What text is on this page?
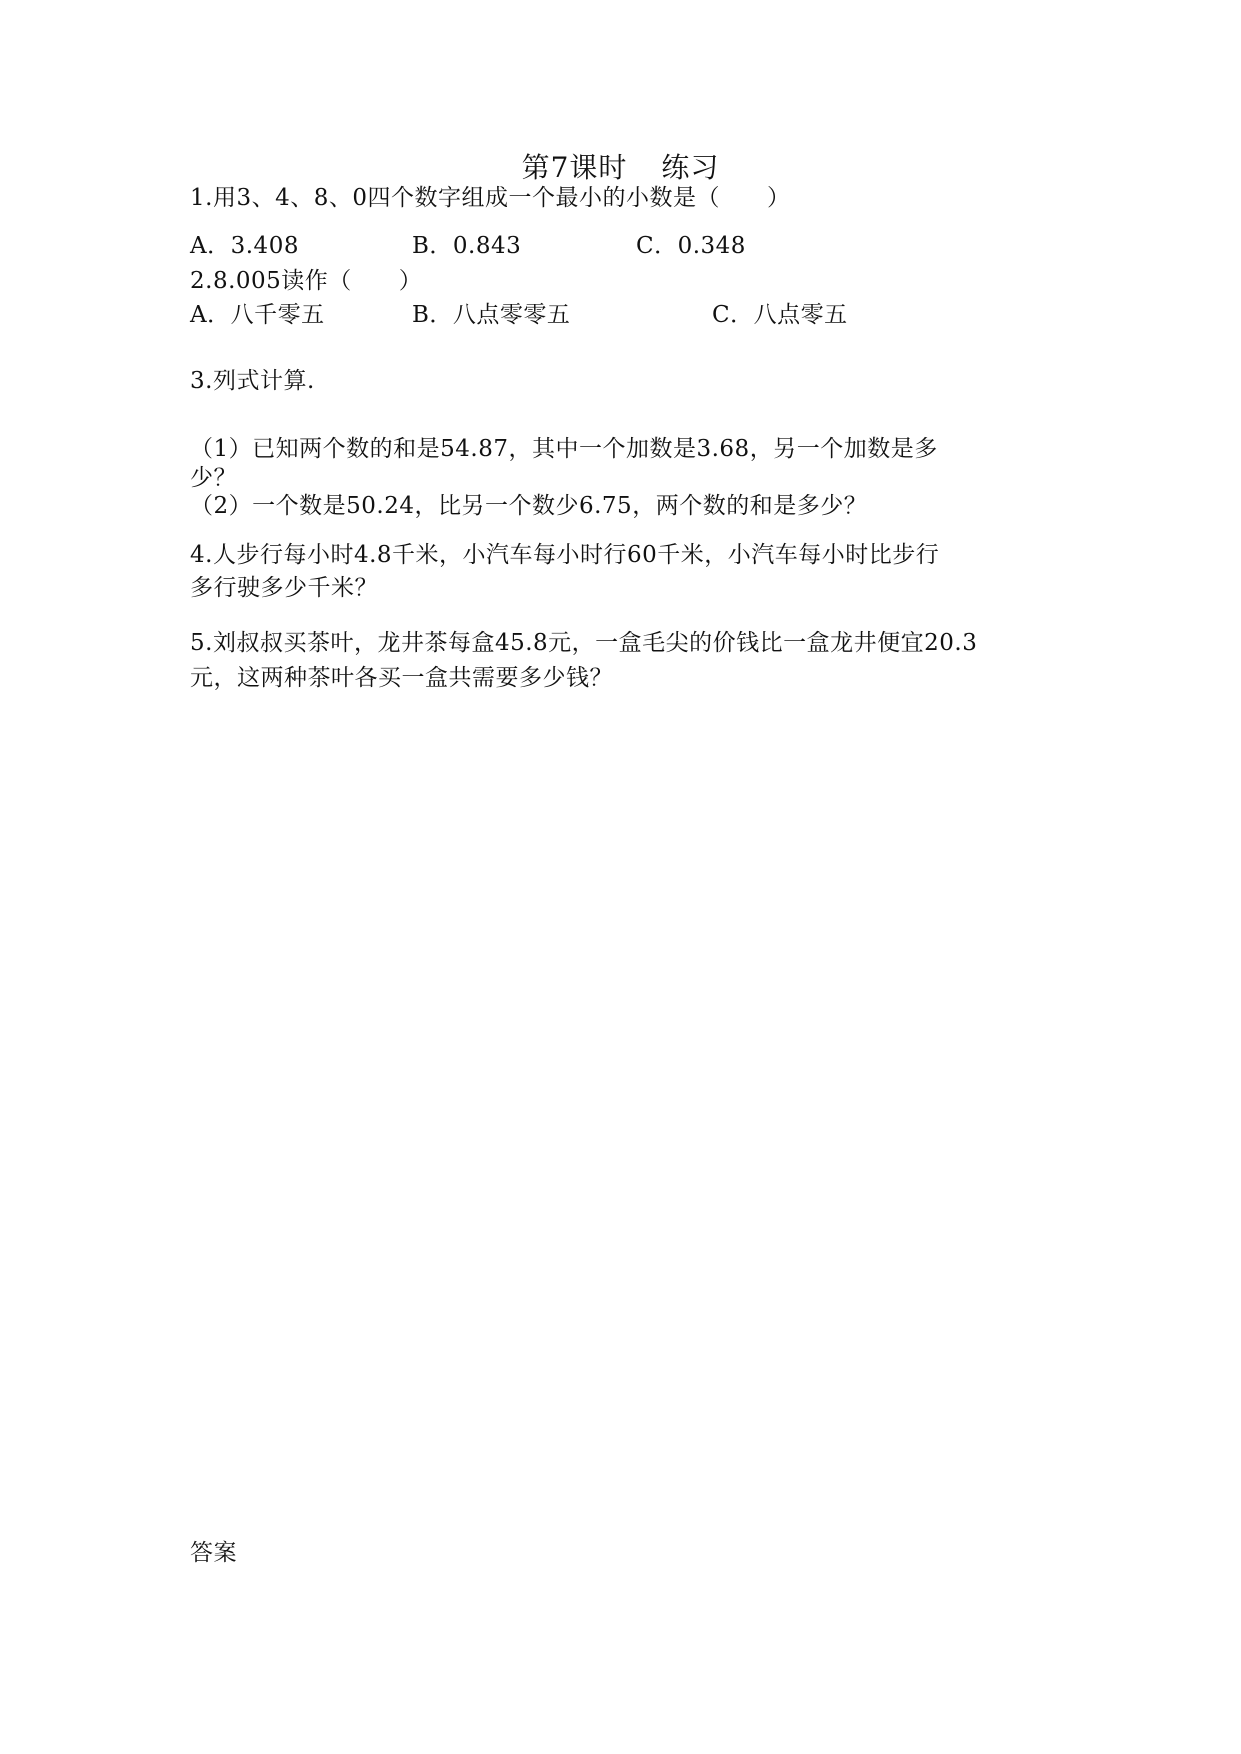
第7课时 练习
1.用3、4、8、0四个数字组成一个最小的小数是（　　）
A．3.408	B．0.843	C．0.348
2.8.005读作（　　）
A．八千零五	B．八点零零五	C．八点零五
3.列式计算.
（1）已知两个数的和是54.87，其中一个加数是3.68，另一个加数是多
少？
（2）一个数是50.24，比另一个数少6.75，两个数的和是多少？
4.人步行每小时4.8千米，小汽车每小时行60千米，小汽车每小时比步行
多行驶多少千米？
5.刘叔叔买茶叶，龙井茶每盒45.8元，一盒毛尖的价钱比一盒龙井便宜20.3
元，这两种茶叶各买一盒共需要多少钱？
答案
